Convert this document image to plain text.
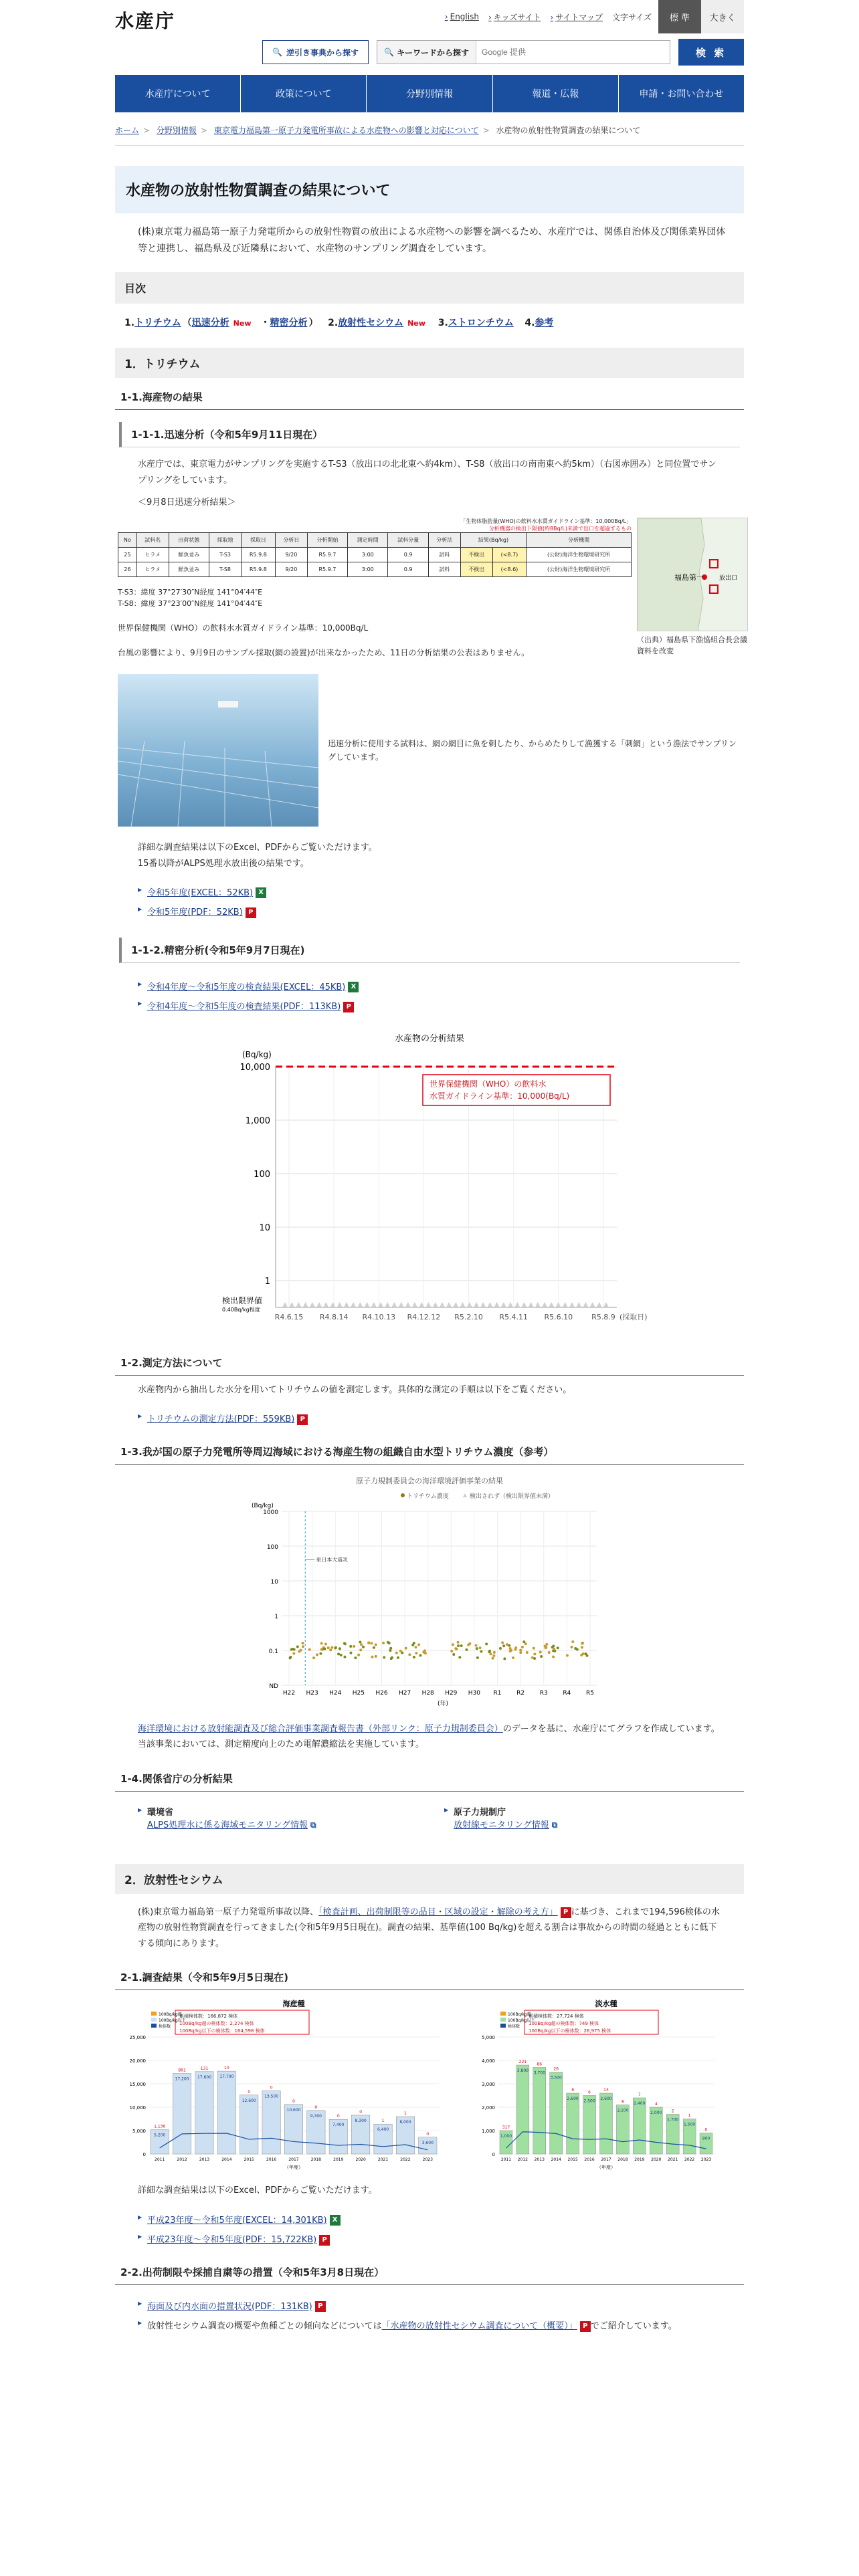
水産庁	› English	› キッズサイト	› サイトマップ 文字サイズ	標 準	大きく
🔍 逆引き事典から探す	🔍 キーワードから探す
Google 提供	検 索
水産庁について	政策について	分野別情報	報道・広報	申請・お問い合わせ
ホーム > 分野別情報 > 東京電力福島第一原子力発電所事故による水産物への影響と対応について > 水産物の放射性物質調査の結果について
水産物の放射性物質調査の結果について

(株)東京電力福島第一原子力発電所からの放射性物質の放出による水産物への影響を調べるため、水産庁では、関係自治体及び関係業界団体等と連携し、福島県及び近隣県において、水産物のサンプリング調査をしています。

目次
1.トリチウム （迅速分析 New ・精密分析 ） 2.放射性セシウム New 3.ストロンチウム 4.参考
1．トリチウム
1-1.海産物の結果
1-1-1.迅速分析（令和5年9月11日現在）

水産庁では、東京電力がサンプリングを実施するT-S3（放出口の北北東へ約4km）、T-S8（放出口の南南東へ約5km）（右図赤囲み）と同位置でサンプリングをしています。

＜9月8日迅速分析結果＞

「生物体脂肪量(WHO)の飲料水水質ガイドライン基準：10,000Bq/L」
分析機器の検出下限値(約8Bq/L)未満で出口を超過するもの
No	試料名	出荷状態	採取地	採取日	分析日	分析開始	測定時間	試料分量	分析法	結果(Bq/kg)		分析機関
25	ヒラメ	鮮魚並み	T-S3	R5.9.8	9/20	R5.9.7	3:00	0.9	試料	不検出	(<8.7)	(公財)海洋生物環境研究所
26	ヒラメ	鮮魚並み	T-S8	R5.9.8	9/20	R5.9.7	3:00	0.9	試料	不検出	(<8.6)	(公財)海洋生物環境研究所
T-S3：緯度 37°27′30″N経度 141°04′44″E
T-S8：緯度 37°23′00″N経度 141°04′44″E
世界保健機関（WHO）の飲料水水質ガイドライン基準：10,000Bq/L
台風の影響により、9月9日のサンプル採取(網の設置)が出来なかったため、11日の分析結果の公表はありません。
福島第一	放出口
（出典）福島県下漁協組合長会議資料を改変
迅速分析に使用する試料は、網の網目に魚を刺したり、からめたりして漁獲する「刺網」という漁法でサンプリングしています。

詳細な調査結果は以下のExcel、PDFからご覧いただけます。

15番以降がALPS処理水放出後の結果です。

▶ 令和5年度(EXCEL：52KB) X
▶ 令和5年度(PDF：52KB) P
1-1-2.精密分析(令和5年9月7日現在)
▶ 令和4年度〜令和5年度の検査結果(EXCEL：45KB) X
▶ 令和4年度〜令和5年度の検査結果(PDF：113KB) P
水産物の分析結果
(Bq/kg)
10,000
1,000
100
10
1
R4.6.15 R4.8.14 R4.10.13 R4.12.12 R5.2.10 R5.4.11 R5.6.10	R5.8.9 (採取日)
世界保健機関（WHO）の飲料水
水質ガイドライン基準：10,000(Bq/L)
検出限界値
0.40Bq/kg程度
1-2.測定方法について

水産物内から抽出した水分を用いてトリチウムの値を測定します。具体的な測定の手順は以下をご覧ください。

▶ トリチウムの測定方法(PDF：559KB) P
1-3.我が国の原子力発電所等周辺海域における海産生物の組織自由水型トリチウム濃度（参考）
原子力規制委員会の海洋環境評価事業の結果
トリチウム濃度	検出されず（検出限界値未満）
(Bq/kg)
1000
100
10
1
0.1
ND
H22 H23 H24 H25 H26 H27 H28 H29 H30 R1	R2	R3	R4	R5
(年)
東日本大震災

海洋環境における放射能調査及び総合評価事業調査報告書（外部リンク：原子力規制委員会）のデータを基に、水産庁にてグラフを作成しています。

当該事業においては、測定精度向上のため電解濃縮法を実施しています。

1-4.関係省庁の分析結果
▶ 環境省
ALPS処理水に係る海域モニタリング情報 ⧉
▶ 原子力規制庁
放射線モニタリング情報 ⧉
2．放射性セシウム

(株)東京電力福島第一原子力発電所事故以降、「検査計画、出荷制限等の品目・区域の設定・解除の考え方」 P に基づき、これまで194,596検体の水産物の放射性物質調査を行ってきました(令和5年9月5日現在)。調査の結果、基準値(100 Bq/kg)を超える割合は事故からの時間の経過とともに低下する傾向にあります。

2-1.調査結果（令和5年9月5日現在)
海産種
累積検体数：166,872 検体
100Bq/kg超の検体数：2,274 検体
100Bq/kg以下の検体数：164,598 検体
100Bq/kg超
100Bq/kg以下
検体数
0
5,000
10,000
15,000
20,000
25,000
5,200
1,136
2011
17,200
861
2012
17,600
131
2013
17,700
10
2014
12,600
0
2015
13,500
0
2016
10,600
0
2017
9,300
0
2018
7,400
0
2019
8,300
0
2020
6,400
1
2021
8,000
1
2022
3,600
0
2023
（年度）
淡水種
累積検体数：27,724 検体
100Bq/kg超の検体数：749 検体
100Bq/kg以下の検体数：26,975 検体
100Bq/kg超
100Bq/kg以下
検体数
0
1,000
2,000
3,000
4,000
5,000
1,000
317
2011
3,800
221
2012
3,700
86
2013
3,500
26
2014
2,600
8
2015
2,500
6
2016
2,600
13
2017
2,100
8
2018
2,400
7
2019
2,000
4
2020
1,700
2
2021
1,500
1
2022
900
0
2023
（年度）

詳細な調査結果は以下のExcel、PDFからご覧いただけます。

▶ 平成23年度〜令和5年度(EXCEL：14,301KB) X
▶ 平成23年度〜令和5年度(PDF：15,722KB) P
2-2.出荷制限や採捕自粛等の措置（令和5年3月8日現在）
▶ 海面及び内水面の措置状況(PDF：131KB) P
▶ 放射性セシウム調査の概要や魚種ごとの傾向などについては「水産物の放射性セシウム調査について（概要）」 P でご紹介しています。
